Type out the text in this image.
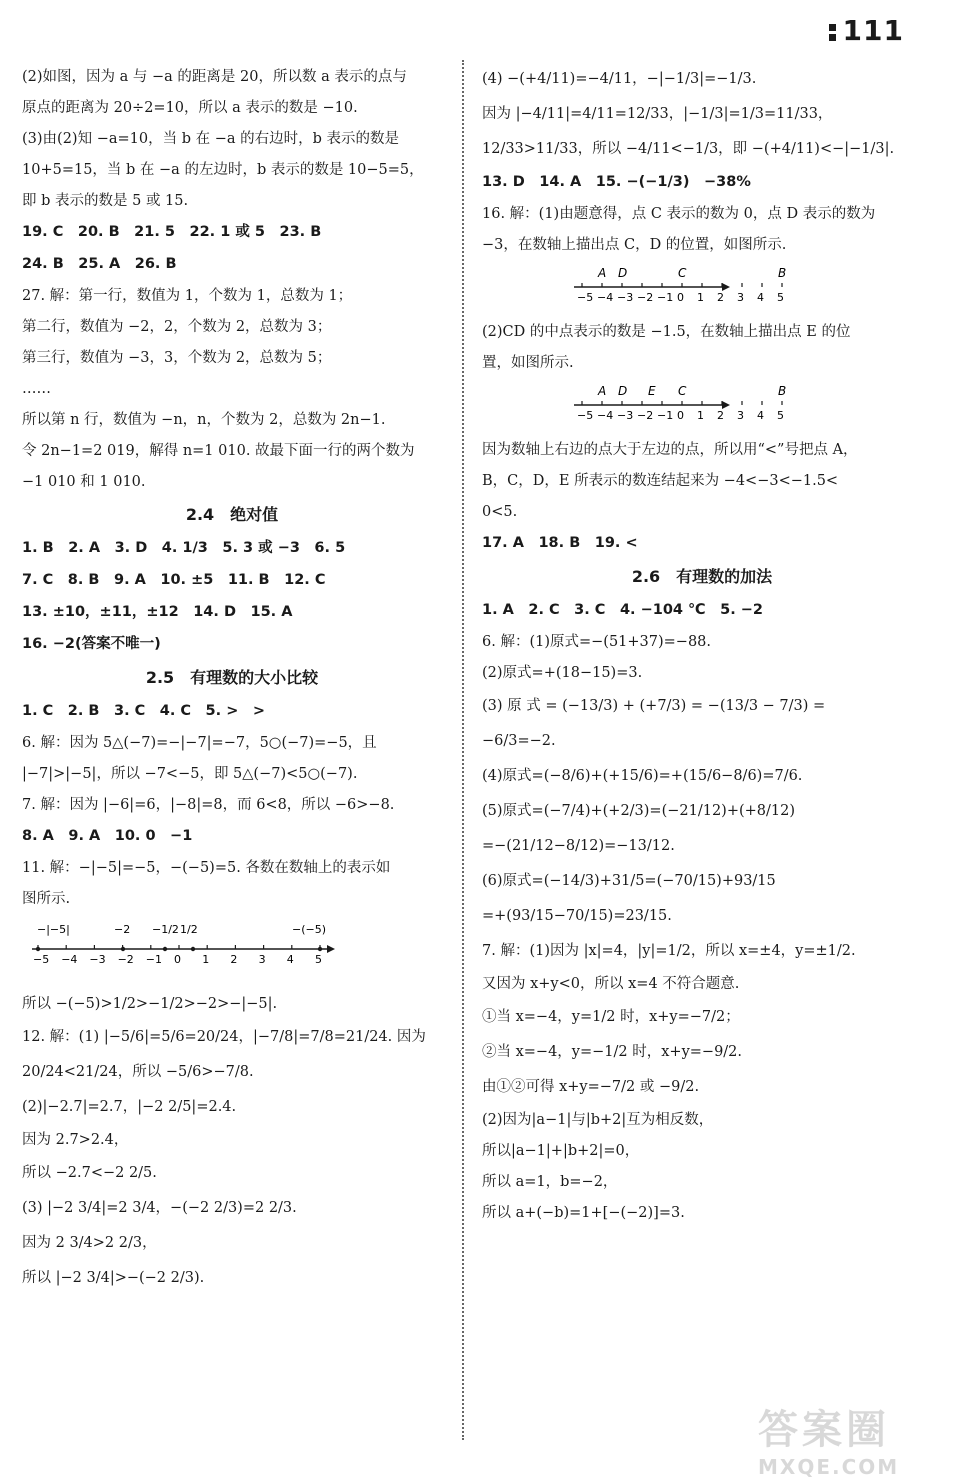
111

(2)如图，因为 a 与 −a 的距离是 20，所以数 a 表示的点与

原点的距离为 20÷2=10，所以 a 表示的数是 −10.

(3)由(2)知 −a=10，当 b 在 −a 的右边时，b 表示的数是

10+5=15，当 b 在 −a 的左边时，b 表示的数是 10−5=5，

即 b 表示的数是 5 或 15.

19. C　20. B　21. 5　22. 1 或 5　23. B

24. B　25. A　26. B

27. 解：第一行，数值为 1，个数为 1，总数为 1；

第二行，数值为 −2，2，个数为 2，总数为 3；

第三行，数值为 −3，3，个数为 2，总数为 5；

……

所以第 n 行，数值为 −n，n，个数为 2，总数为 2n−1.

令 2n−1=2 019，解得 n=1 010. 故最下面一行的两个数为

−1 010 和 1 010.

2.4　绝对值

1. B　2. A　3. D　4. 1/3　5. 3 或 −3　6. 5

7. C　8. B　9. A　10. ±5　11. B　12. C

13. ±10，±11，±12　14. D　15. A

16. −2(答案不唯一)

2.5　有理数的大小比较

1. C　2. B　3. C　4. C　5. >　>

6. 解：因为 5△(−7)=−|−7|=−7，5○(−7)=−5，且

|−7|>|−5|，所以 −7<−5，即 5△(−7)<5○(−7).

7. 解：因为 |−6|=6，|−8|=8，而 6<8，所以 −6>−8.

8. A　9. A　10. 0　−1

11. 解：−|−5|=−5，−(−5)=5. 各数在数轴上的表示如

图所示.

−5 −4 −3 −2 −1 0 1 2 3 4 5
−|−5|	−2 −1/2 1/2	−(−5)

所以 −(−5)>1/2>−1/2>−2>−|−5|.

12. 解：(1) |−5/6|=5/6=20/24，|−7/8|=7/8=21/24. 因为

20/24<21/24，所以 −5/6>−7/8.

(2)|−2.7|=2.7，|−2 2/5|=2.4.

因为 2.7>2.4，

所以 −2.7<−2 2/5.

(3) |−2 3/4|=2 3/4，−(−2 2/3)=2 2/3.

因为 2 3/4>2 2/3，

所以 |−2 3/4|>−(−2 2/3).

(4) −(+4/11)=−4/11，−|−1/3|=−1/3.

因为 |−4/11|=4/11=12/33，|−1/3|=1/3=11/33，

12/33>11/33，所以 −4/11<−1/3，即 −(+4/11)<−|−1/3|.

13. D　14. A　15. −(−1/3)　−38%

16. 解：(1)由题意得，点 C 表示的数为 0，点 D 表示的数为

−3，在数轴上描出点 C，D 的位置，如图所示.

−5 −4 −3 −2 −1 0 1 2 3 4 5
A D	C	B

(2)CD 的中点表示的数是 −1.5，在数轴上描出点 E 的位

置，如图所示.

−5 −4 −3 −2 −1 0 1 2 3 4 5
A D E C	B

因为数轴上右边的点大于左边的点，所以用“<”号把点 A，

B，C，D，E 所表示的数连结起来为 −4<−3<−1.5<

0<5.

17. A　18. B　19. <

2.6　有理数的加法

1. A　2. C　3. C　4. −104 ℃　5. −2

6. 解：(1)原式=−(51+37)=−88.

(2)原式=+(18−15)=3.

(3) 原 式 = (−13/3) + (+7/3) = −(13/3 − 7/3) =

−6/3=−2.

(4)原式=(−8/6)+(+15/6)=+(15/6−8/6)=7/6.

(5)原式=(−7/4)+(+2/3)=(−21/12)+(+8/12)

=−(21/12−8/12)=−13/12.

(6)原式=(−14/3)+31/5=(−70/15)+93/15

=+(93/15−70/15)=23/15.

7. 解：(1)因为 |x|=4，|y|=1/2，所以 x=±4，y=±1/2.

又因为 x+y<0，所以 x=4 不符合题意.

①当 x=−4，y=1/2 时，x+y=−7/2；

②当 x=−4，y=−1/2 时，x+y=−9/2.

由①②可得 x+y=−7/2 或 −9/2.

(2)因为|a−1|与|b+2|互为相反数，

所以|a−1|+|b+2|=0，

所以 a=1，b=−2，

所以 a+(−b)=1+[−(−2)]=3.

答案圈
MXQE.COM
